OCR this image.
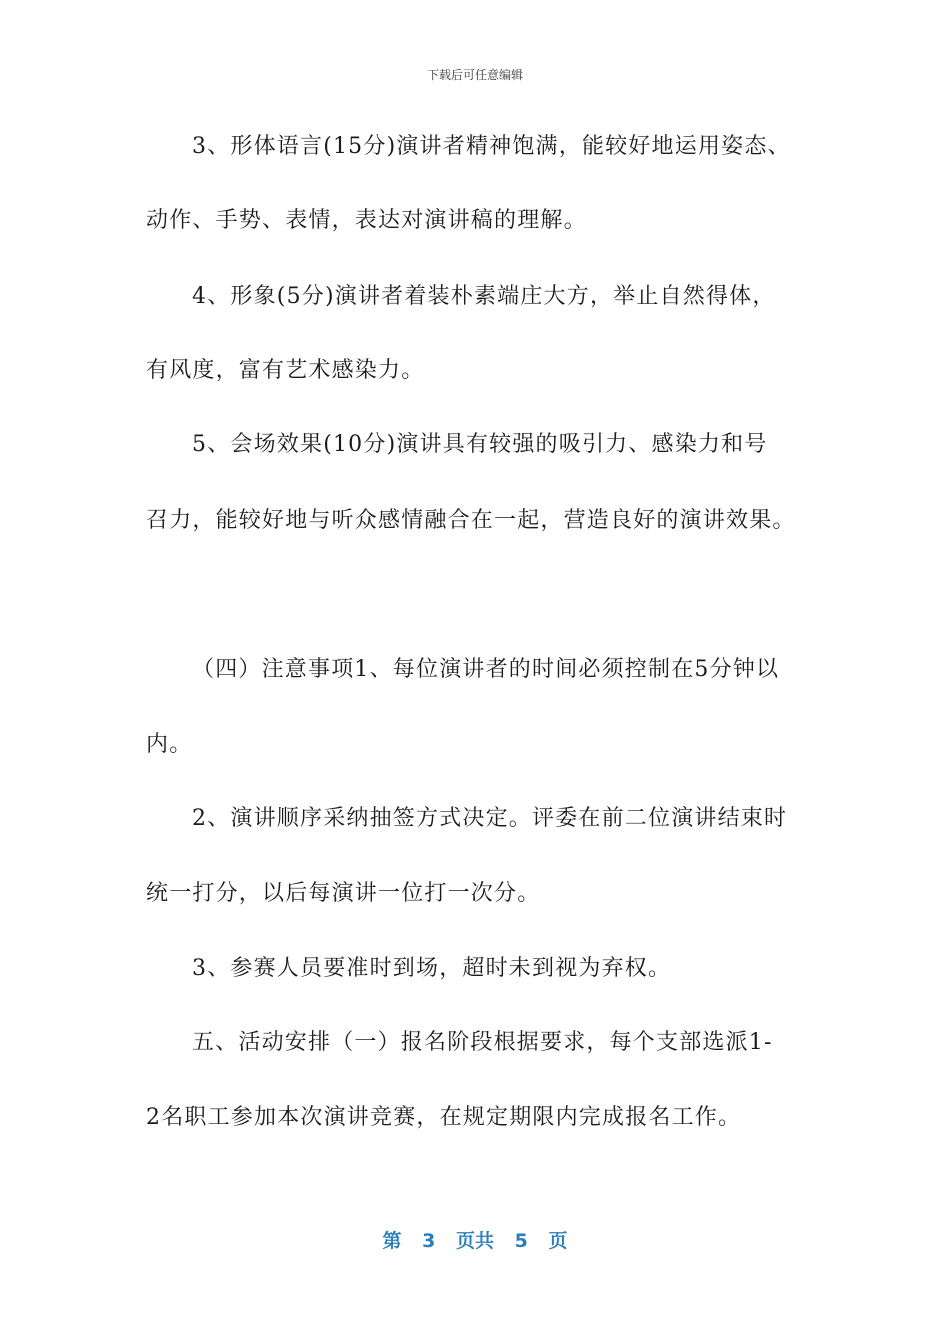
下载后可任意编辑
3、形体语言(15分)演讲者精神饱满，能较好地运用姿态、
动作、手势、表情，表达对演讲稿的理解。
4、形象(5分)演讲者着装朴素端庄大方，举止自然得体，
有风度，富有艺术感染力。
5、会场效果(10分)演讲具有较强的吸引力、感染力和号
召力，能较好地与听众感情融合在一起，营造良好的演讲效果。
（四）注意事项1、每位演讲者的时间必须控制在5分钟以
内。
2、演讲顺序采纳抽签方式决定。评委在前二位演讲结束时
统一打分，以后每演讲一位打一次分。
3、参赛人员要准时到场，超时未到视为弃权。
五、活动安排（一）报名阶段根据要求，每个支部选派1-
2名职工参加本次演讲竞赛，在规定期限内完成报名工作。
第 3 页共 5 页
